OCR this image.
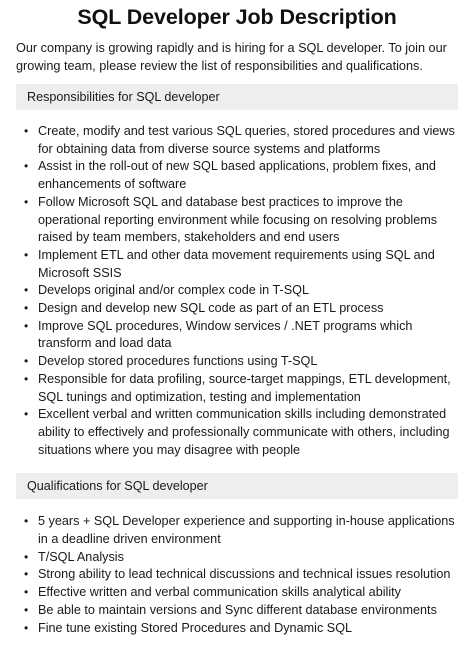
SQL Developer Job Description

Our company is growing rapidly and is hiring for a SQL developer. To join our growing team, please review the list of responsibilities and qualifications.

Responsibilities for SQL developer
• Create, modify and test various SQL queries, stored procedures and views for obtaining data from diverse source systems and platforms
• Assist in the roll-out of new SQL based applications, problem fixes, and enhancements of software
• Follow Microsoft SQL and database best practices to improve the operational reporting environment while focusing on resolving problems raised by team members, stakeholders and end users
• Implement ETL and other data movement requirements using SQL and Microsoft SSIS
• Develops original and/or complex code in T-SQL
• Design and develop new SQL code as part of an ETL process
• Improve SQL procedures, Window services / .NET programs which transform and load data
• Develop stored procedures functions using T-SQL
• Responsible for data profiling, source-target mappings, ETL development, SQL tunings and optimization, testing and implementation
• Excellent verbal and written communication skills including demonstrated ability to effectively and professionally communicate with others, including situations where you may disagree with people
Qualifications for SQL developer
• 5 years + SQL Developer experience and supporting in-house applications in a deadline driven environment
• T/SQL Analysis
• Strong ability to lead technical discussions and technical issues resolution
• Effective written and verbal communication skills analytical ability
• Be able to maintain versions and Sync different database environments
• Fine tune existing Stored Procedures and Dynamic SQL
